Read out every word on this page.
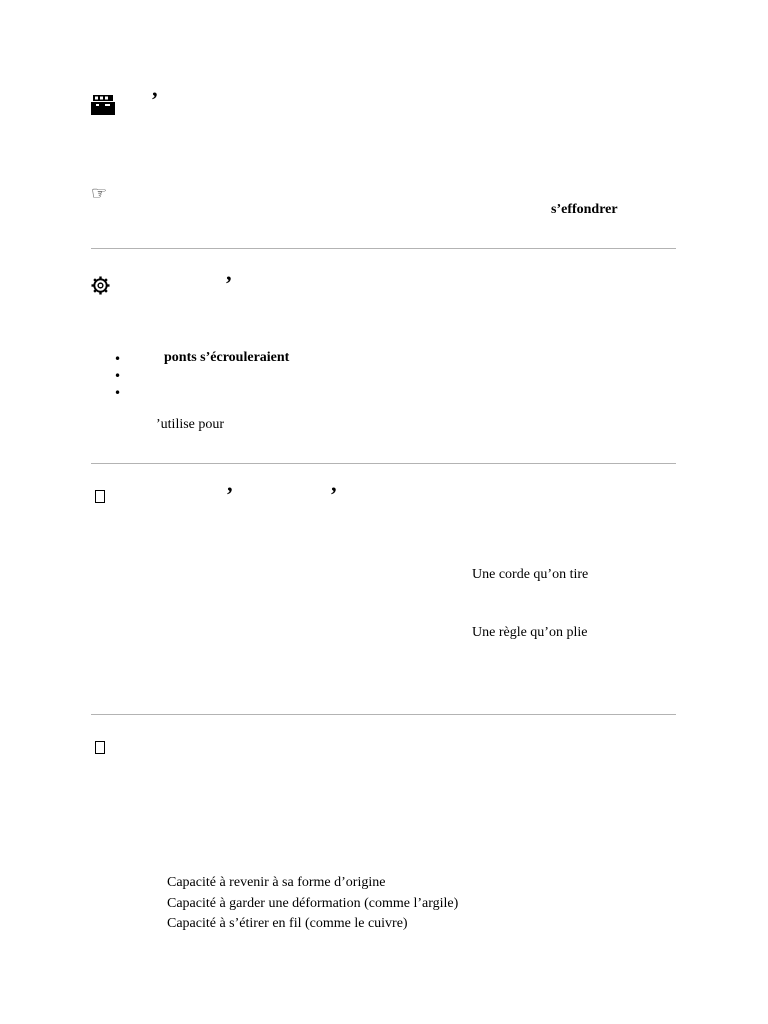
’
☞
s’effondrer
’
•	ponts s’écrouleraient
•
•
’utilise pour
’	’
Une corde qu’on tire
Une règle qu’on plie
Capacité à revenir à sa forme d’origine
Capacité à garder une déformation (comme l’argile)
Capacité à s’étirer en fil (comme le cuivre)
